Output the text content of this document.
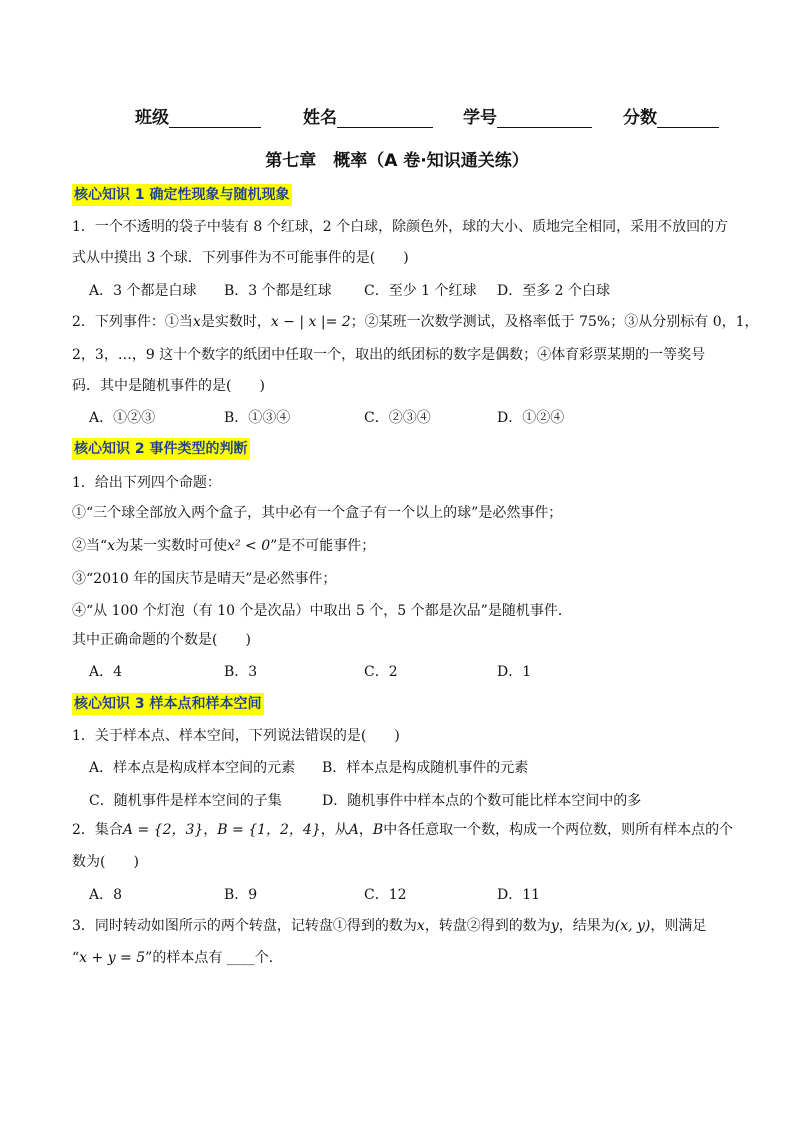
班级	姓名	学号	分数
第七章　概率（A 卷·知识通关练）
核心知识 1 确定性现象与随机现象
1．一个不透明的袋子中装有 8 个红球，2 个白球，除颜色外，球的大小、质地完全相同，采用不放回的方
式从中摸出 3 个球．下列事件为不可能事件的是(　　)
A．3 个都是白球 B．3 个都是红球 C．至少 1 个红球 D．至多 2 个白球
2．下列事件：①当x是实数时，x − | x |= 2；②某班一次数学测试，及格率低于 75%；③从分别标有 0，1，
2，3，…，9 这十个数字的纸团中任取一个，取出的纸团标的数字是偶数；④体育彩票某期的一等奖号
码．其中是随机事件的是(　　)
A．①②③	B．①③④	C．②③④	D．①②④
核心知识 2 事件类型的判断
1．给出下列四个命题：
①“三个球全部放入两个盒子，其中必有一个盒子有一个以上的球”是必然事件；
②当“x为某一实数时可使x² < 0”是不可能事件；
③“2010 年的国庆节是晴天”是必然事件；
④“从 100 个灯泡（有 10 个是次品）中取出 5 个，5 个都是次品”是随机事件．
其中正确命题的个数是(　　)
A．4	B．3	C．2	D．1
核心知识 3 样本点和样本空间
1．关于样本点、样本空间，下列说法错误的是(　　)
A．样本点是构成样本空间的元素 B．样本点是构成随机事件的元素
C．随机事件是样本空间的子集	D．随机事件中样本点的个数可能比样本空间中的多
2．集合A = {2，3}，B = {1，2，4}，从A，B中各任意取一个数，构成一个两位数，则所有样本点的个
数为(　　)
A．8	B．9	C．12	D．11
3．同时转动如图所示的两个转盘，记转盘①得到的数为x，转盘②得到的数为y，结果为(x, y)，则满足
“x + y = 5”的样本点有 ____个．
